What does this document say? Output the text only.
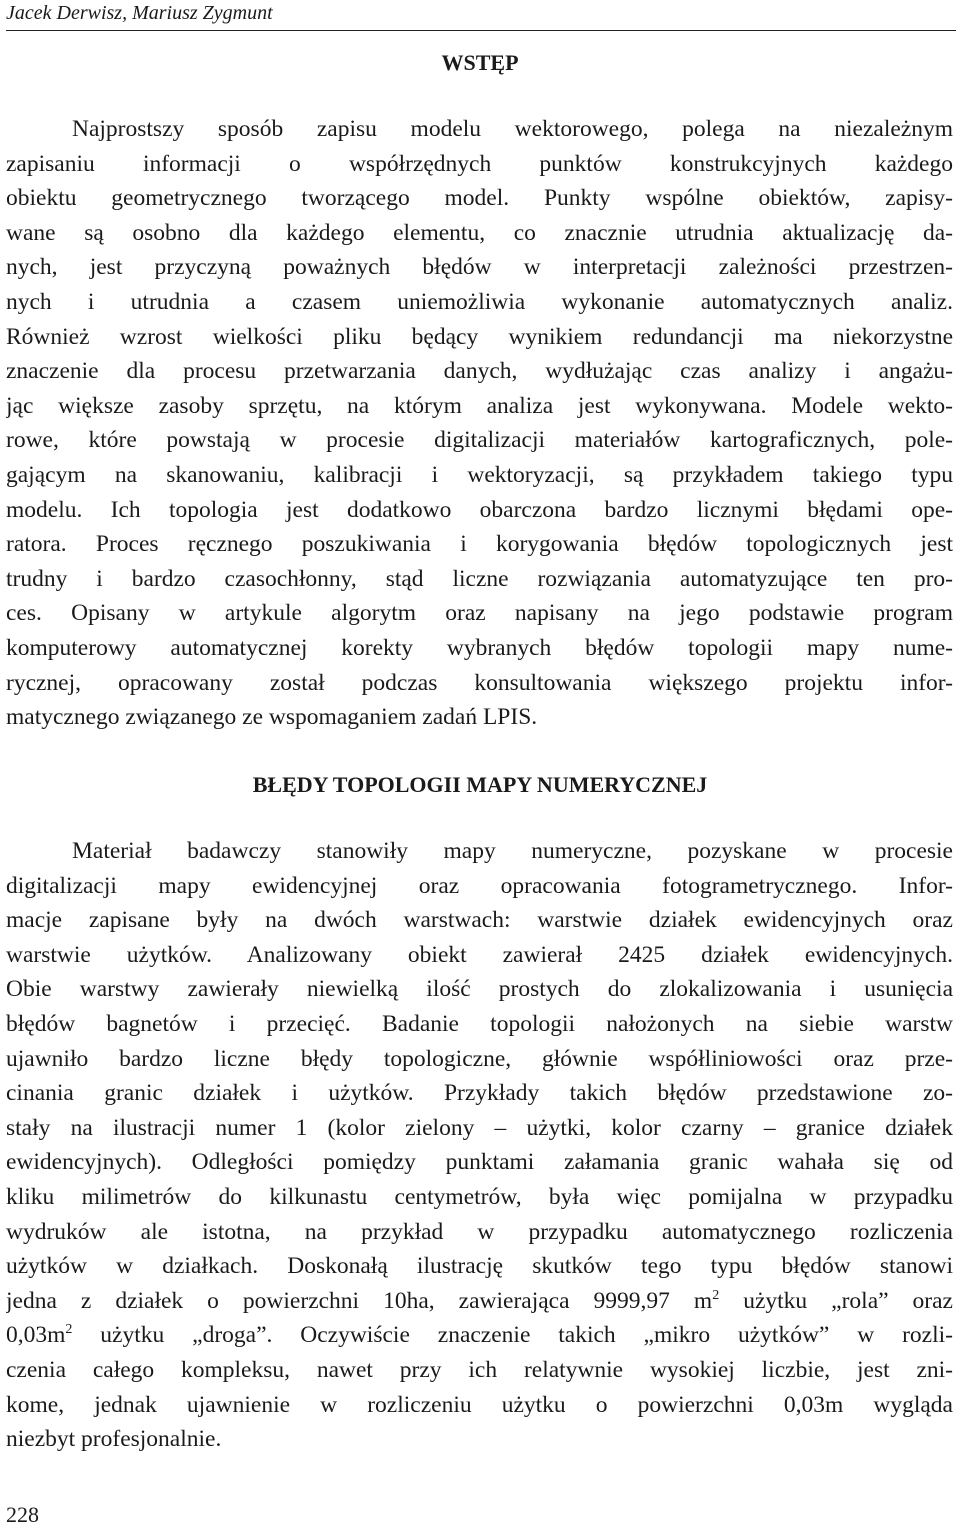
Jacek Derwisz, Mariusz Zygmunt
WSTĘP
Najprostszy sposób zapisu modelu wektorowego, polega na niezależnym
zapisaniu informacji o współrzędnych punktów konstrukcyjnych każdego
obiektu geometrycznego tworzącego model. Punkty wspólne obiektów, zapisy-
wane są osobno dla każdego elementu, co znacznie utrudnia aktualizację da-
nych, jest przyczyną poważnych błędów w interpretacji zależności przestrzen-
nych i utrudnia a czasem uniemożliwia wykonanie automatycznych analiz.
Również wzrost wielkości pliku będący wynikiem redundancji ma niekorzystne
znaczenie dla procesu przetwarzania danych, wydłużając czas analizy i angażu-
jąc większe zasoby sprzętu, na którym analiza jest wykonywana. Modele wekto-
rowe, które powstają w procesie digitalizacji materiałów kartograficznych, pole-
gającym na skanowaniu, kalibracji i wektoryzacji, są przykładem takiego typu
modelu. Ich topologia jest dodatkowo obarczona bardzo licznymi błędami ope-
ratora. Proces ręcznego poszukiwania i korygowania błędów topologicznych jest
trudny i bardzo czasochłonny, stąd liczne rozwiązania automatyzujące ten pro-
ces. Opisany w artykule algorytm oraz napisany na jego podstawie program
komputerowy automatycznej korekty wybranych błędów topologii mapy nume-
rycznej, opracowany został podczas konsultowania większego projektu infor-
matycznego związanego ze wspomaganiem zadań LPIS.
BŁĘDY TOPOLOGII MAPY NUMERYCZNEJ
Materiał badawczy stanowiły mapy numeryczne, pozyskane w procesie
digitalizacji mapy ewidencyjnej oraz opracowania fotogrametrycznego. Infor-
macje zapisane były na dwóch warstwach: warstwie działek ewidencyjnych oraz
warstwie użytków. Analizowany obiekt zawierał 2425 działek ewidencyjnych.
Obie warstwy zawierały niewielką ilość prostych do zlokalizowania i usunięcia
błędów bagnetów i przecięć. Badanie topologii nałożonych na siebie warstw
ujawniło bardzo liczne błędy topologiczne, głównie współliniowości oraz prze-
cinania granic działek i użytków. Przykłady takich błędów przedstawione zo-
stały na ilustracji numer 1 (kolor zielony – użytki, kolor czarny – granice działek
ewidencyjnych). Odległości pomiędzy punktami załamania granic wahała się od
kliku milimetrów do kilkunastu centymetrów, była więc pomijalna w przypadku
wydruków ale istotna, na przykład w przypadku automatycznego rozliczenia
użytków w działkach. Doskonałą ilustrację skutków tego typu błędów stanowi
jedna z działek o powierzchni 10ha, zawierająca 9999,97 $m^2$ użytku „rola” oraz
$0,03m^2$ użytku „droga”. Oczywiście znaczenie takich „mikro użytków” w rozli-
czenia całego kompleksu, nawet przy ich relatywnie wysokiej liczbie, jest zni-
kome, jednak ujawnienie w rozliczeniu użytku o powierzchni 0,03m wygląda
niezbyt profesjonalnie.
228
